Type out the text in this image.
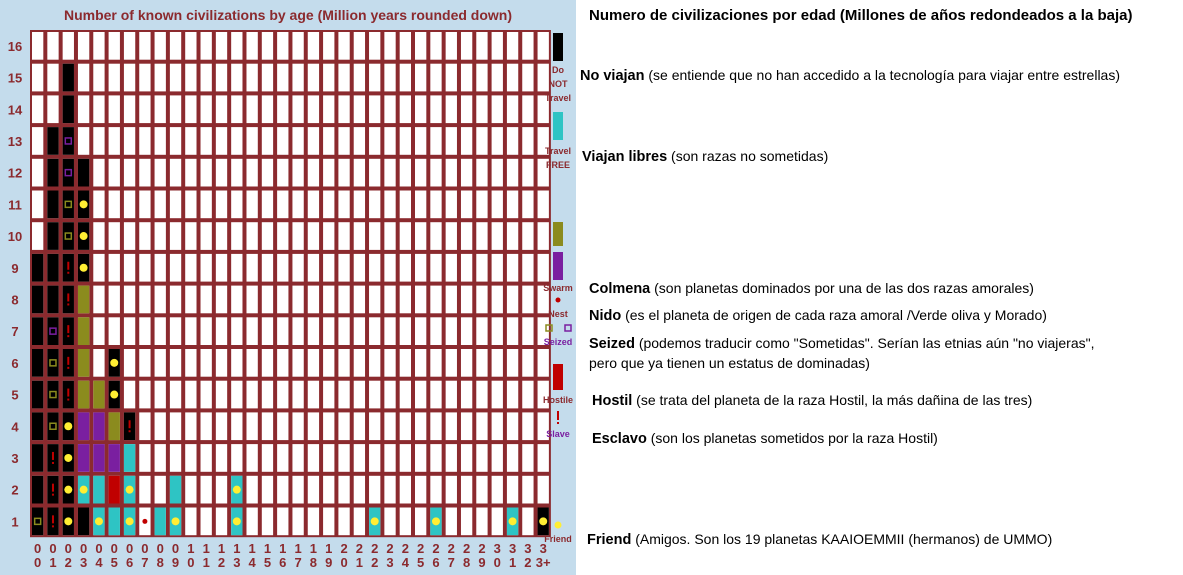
Number of known civilizations by age (Million years rounded down)
1
2
3
4
5
6
7
8
9
10
11
12
13
14
15
16
0 0
0 1
0 2
0 3
0 4
0 5
0 6
0 7
0 8
0 9
1 0
1 1
1 2
1 3
1 4
1 5
1 6
1 7
1 8
1 9
2 0
2 1
2 2
2 3
2 4
2 5
2 6
2 7
2 8
2 9
3 0
3 1
3 2
3 3+
Do
NOT
Travel
Travel
FREE
Swarm
Nest
Seized
Hostile
Slave
Friend
Numero de civilizaciones por edad (Millones de años redondeados a la baja)
No viajan (se entiende que no han accedido a la tecnología para viajar entre estrellas)
Viajan libres (son razas no sometidas)
Colmena (son planetas dominados por una de las dos razas amorales)
Nido (es el planeta de origen de cada raza amoral /Verde oliva y Morado)
Seized (podemos traducir como "Sometidas". Serían las etnias aún "no viajeras", pero que ya tienen un estatus de dominadas)
Hostil (se trata del planeta de la raza Hostil, la más dañina de las tres)
Esclavo (son los planetas sometidos por la raza Hostil)
Friend (Amigos. Son los 19 planetas KAAIOEMMII (hermanos) de UMMO)
